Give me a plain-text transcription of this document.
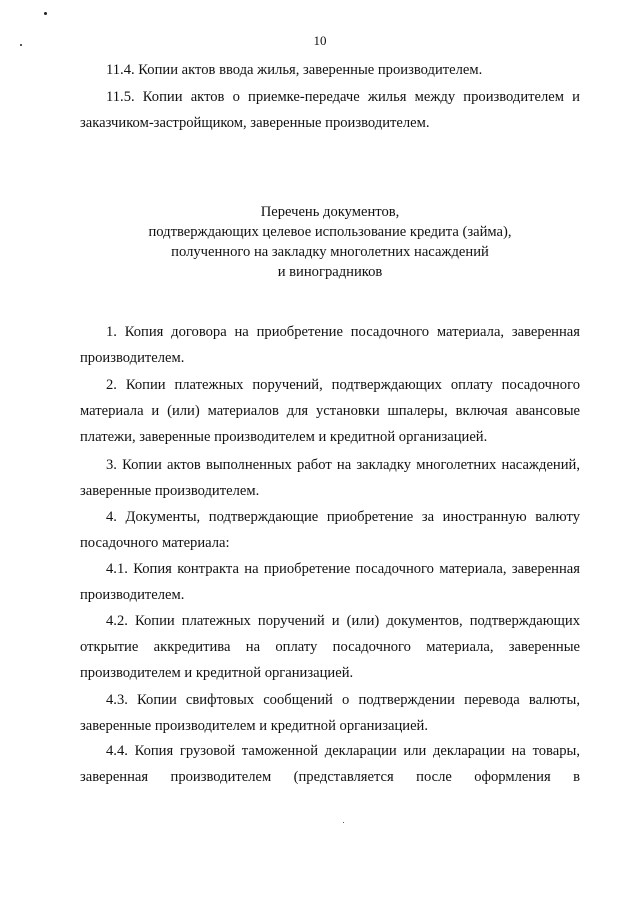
10

11.4. Копии актов ввода жилья, заверенные производителем.

11.5. Копии актов о приемке-передаче жилья между производителем и заказчиком-застройщиком, заверенные производителем.

Перечень документов,
подтверждающих целевое использование кредита (займа),
полученного на закладку многолетних насаждений
и виноградников

1. Копия договора на приобретение посадочного материала, заверенная производителем.

2. Копии платежных поручений, подтверждающих оплату посадочного материала и (или) материалов для установки шпалеры, включая авансовые платежи, заверенные производителем и кредитной организацией.

3. Копии актов выполненных работ на закладку многолетних насаждений, заверенные производителем.

4. Документы, подтверждающие приобретение за иностранную валюту посадочного материала:

4.1. Копия контракта на приобретение посадочного материала, заверенная производителем.

4.2. Копии платежных поручений и (или) документов, подтверждающих открытие аккредитива на оплату посадочного материала, заверенные производителем и кредитной организацией.

4.3. Копии свифтовых сообщений о подтверждении перевода валюты, заверенные производителем и кредитной организацией.

4.4. Копия грузовой таможенной декларации или декларации на товары, заверенная производителем (представляется после оформления в
